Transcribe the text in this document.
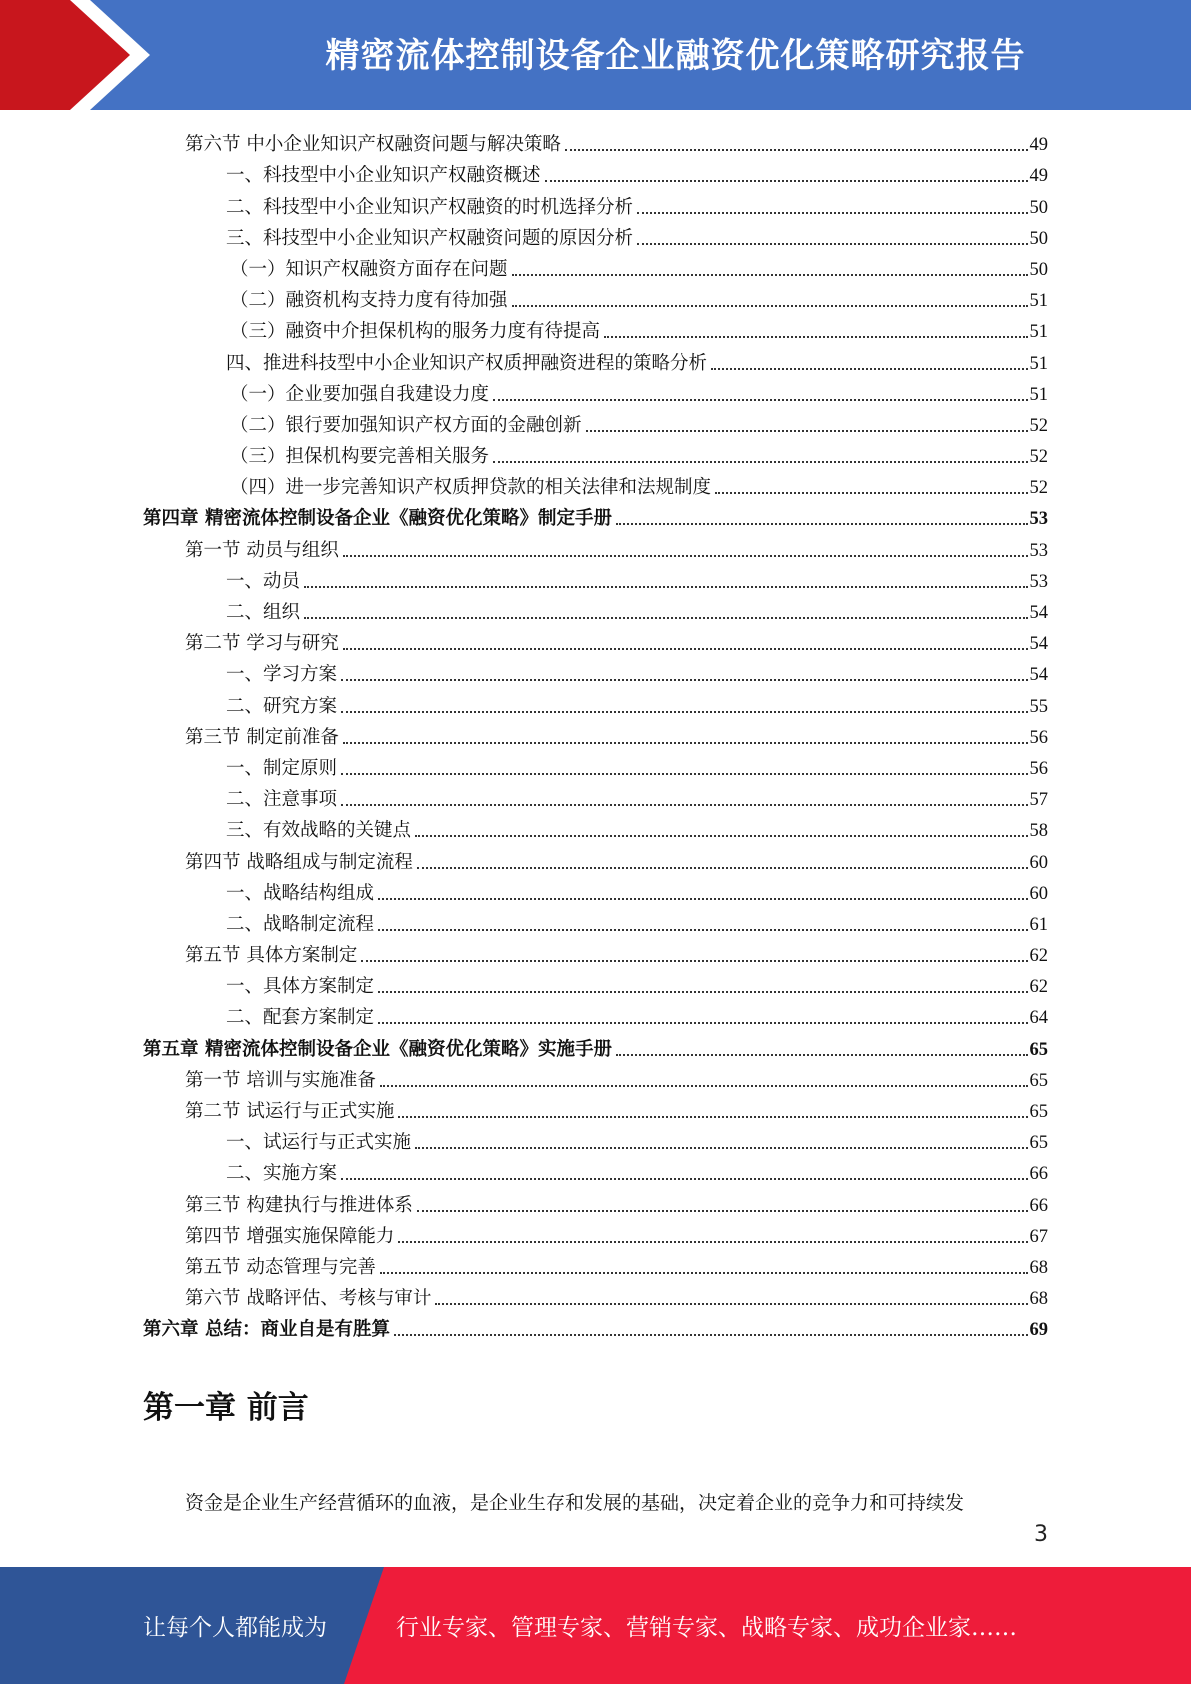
精密流体控制设备企业融资优化策略研究报告
第六节 中小企业知识产权融资问题与解决策略	49
一、科技型中小企业知识产权融资概述	49
二、科技型中小企业知识产权融资的时机选择分析	50
三、科技型中小企业知识产权融资问题的原因分析	50
（一）知识产权融资方面存在问题	50
（二）融资机构支持力度有待加强	51
（三）融资中介担保机构的服务力度有待提高	51
四、推进科技型中小企业知识产权质押融资进程的策略分析	51
（一）企业要加强自我建设力度	51
（二）银行要加强知识产权方面的金融创新	52
（三）担保机构要完善相关服务	52
（四）进一步完善知识产权质押贷款的相关法律和法规制度	52
第四章 精密流体控制设备企业《融资优化策略》制定手册	53
第一节 动员与组织	53
一、动员	53
二、组织	54
第二节 学习与研究	54
一、学习方案	54
二、研究方案	55
第三节 制定前准备	56
一、制定原则	56
二、注意事项	57
三、有效战略的关键点	58
第四节 战略组成与制定流程	60
一、战略结构组成	60
二、战略制定流程	61
第五节 具体方案制定	62
一、具体方案制定	62
二、配套方案制定	64
第五章 精密流体控制设备企业《融资优化策略》实施手册	65
第一节 培训与实施准备	65
第二节 试运行与正式实施	65
一、试运行与正式实施	65
二、实施方案	66
第三节 构建执行与推进体系	66
第四节 增强实施保障能力	67
第五节 动态管理与完善	68
第六节 战略评估、考核与审计	68
第六章 总结：商业自是有胜算	69
第一章 前言

资金是企业生产经营循环的血液，是企业生存和发展的基础，决定着企业的竞争力和可持续发

3
让每个人都能成为	行业专家、管理专家、营销专家、战略专家、成功企业家……
